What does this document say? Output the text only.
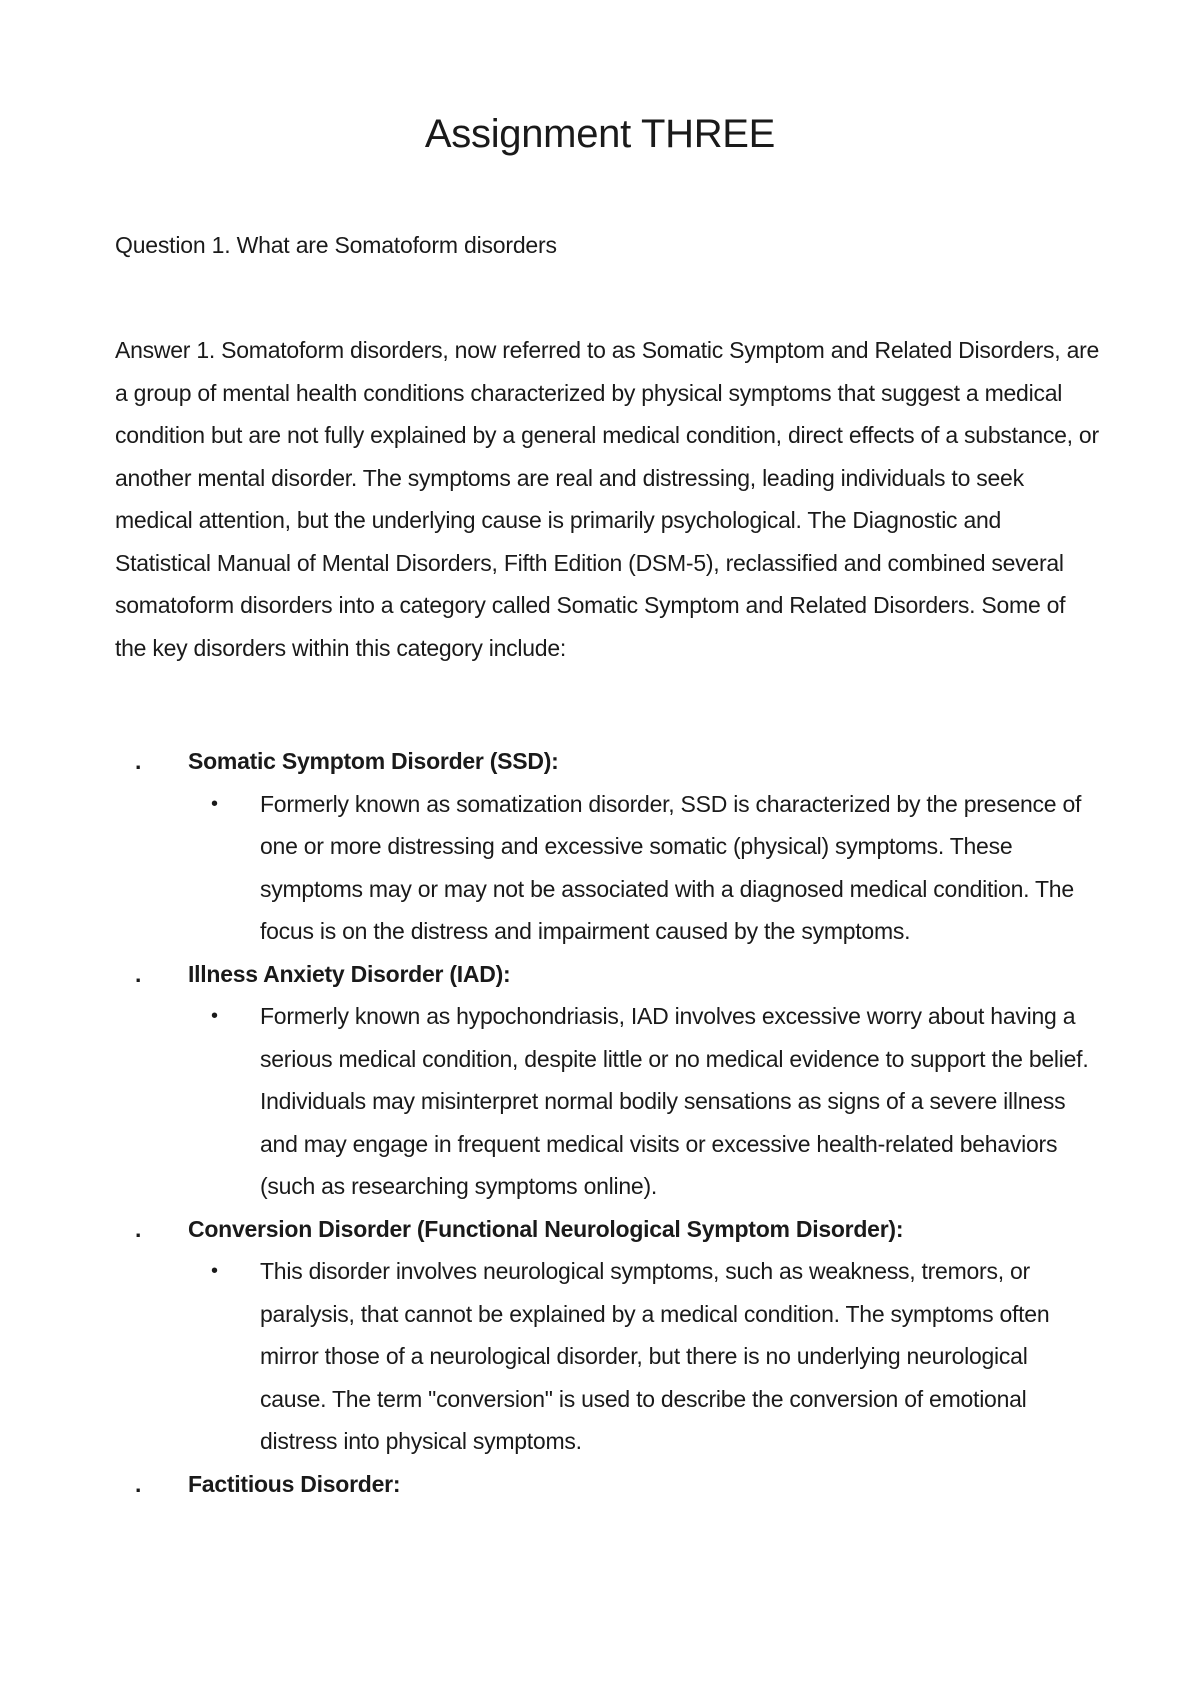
Assignment THREE

Question 1. What are Somatoform disorders

Answer 1. Somatoform disorders, now referred to as Somatic Symptom and Related Disorders, are a group of mental health conditions characterized by physical symptoms that suggest a medical condition but are not fully explained by a general medical condition, direct effects of a substance, or another mental disorder. The symptoms are real and distressing, leading individuals to seek medical attention, but the underlying cause is primarily psychological. The Diagnostic and Statistical Manual of Mental Disorders, Fifth Edition (DSM-5), reclassified and combined several somatoform disorders into a category called Somatic Symptom and Related Disorders. Some of the key disorders within this category include:

. Somatic Symptom Disorder (SSD):
• Formerly known as somatization disorder, SSD is characterized by the presence of one or more distressing and excessive somatic (physical) symptoms. These symptoms may or may not be associated with a diagnosed medical condition. The focus is on the distress and impairment caused by the symptoms.
. Illness Anxiety Disorder (IAD):
• Formerly known as hypochondriasis, IAD involves excessive worry about having a serious medical condition, despite little or no medical evidence to support the belief. Individuals may misinterpret normal bodily sensations as signs of a severe illness and may engage in frequent medical visits or excessive health-related behaviors (such as researching symptoms online).
. Conversion Disorder (Functional Neurological Symptom Disorder):
• This disorder involves neurological symptoms, such as weakness, tremors, or paralysis, that cannot be explained by a medical condition. The symptoms often mirror those of a neurological disorder, but there is no underlying neurological cause. The term "conversion" is used to describe the conversion of emotional distress into physical symptoms.
. Factitious Disorder:
